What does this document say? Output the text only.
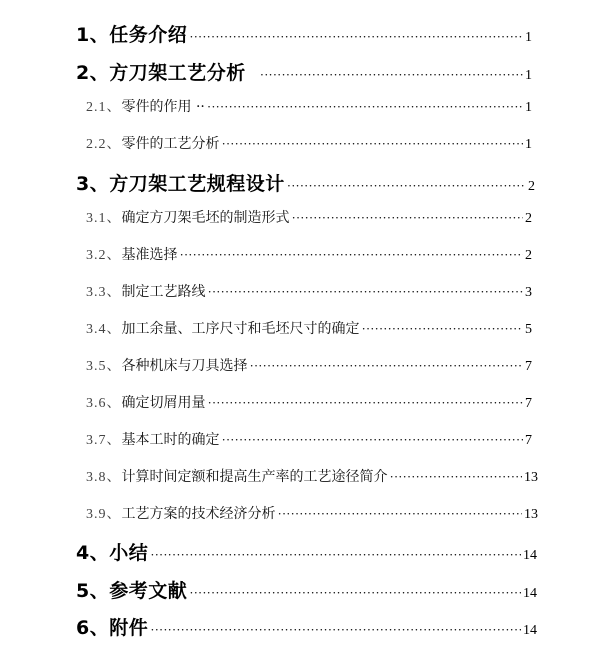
1、任务介绍 ·····	1
2、方刀架工艺分析 ·····	1
2.1、零件的作用 ·· ·····	1
2.2、零件的工艺分析 ·····	1
3、方刀架工艺规程设计 ·····	2
3.1、确定方刀架毛坯的制造形式 ·····	2
3.2、基准选择 ·····	2
3.3、制定工艺路线 ·····	3
3.4、加工余量、工序尺寸和毛坯尺寸的确定 ·····	5
3.5、各种机床与刀具选择 ·····	7
3.6、确定切屑用量 ·····	7
3.7、基本工时的确定 ·····	7
3.8、计算时间定额和提高生产率的工艺途径简介 ·····	13
3.9、工艺方案的技术经济分析 ·····	13
4、小结 ·····	14
5、参考文献 ·····	14
6、附件 ·····	14
